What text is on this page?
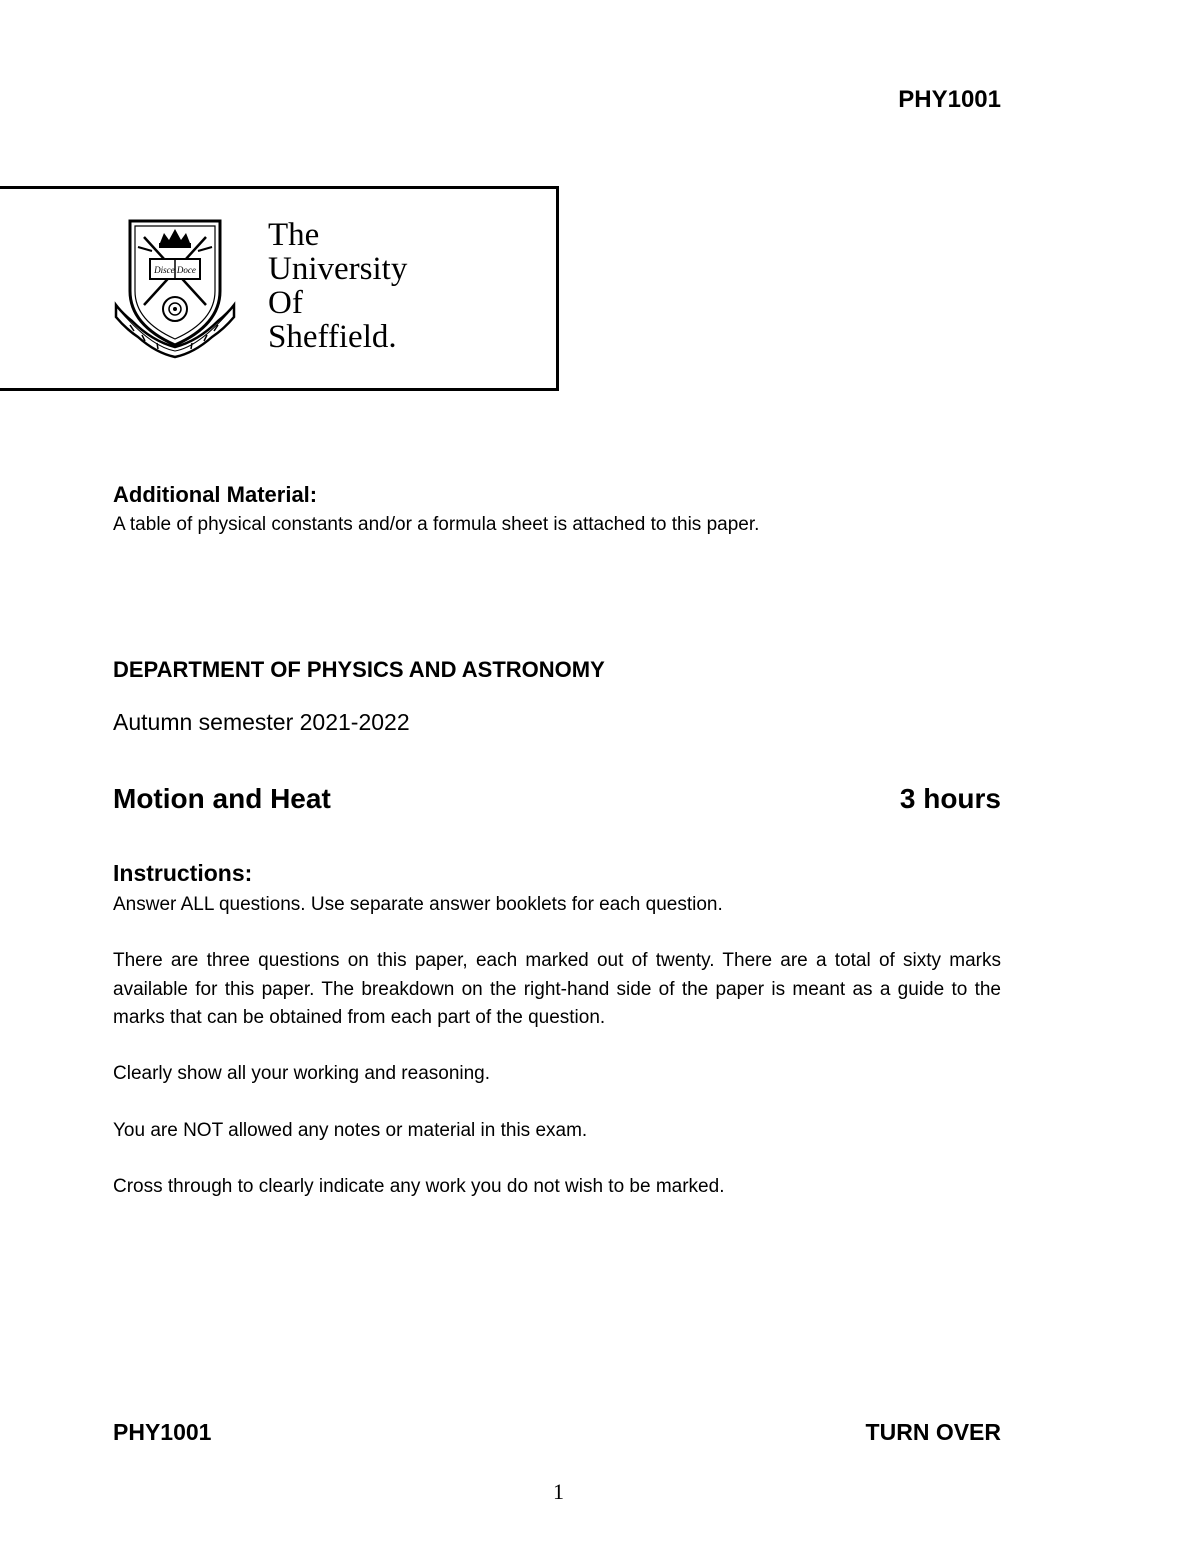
PHY1001
Disce Doce
The
University
Of
Sheffield.
Additional Material:
A table of physical constants and/or a formula sheet is attached to this paper.
DEPARTMENT OF PHYSICS AND ASTRONOMY
Autumn semester 2021-2022
Motion and Heat	3 hours
Instructions:
Answer ALL questions. Use separate answer booklets for each question.
There are three questions on this paper, each marked out of twenty. There are a total of sixty marks available for this paper. The breakdown on the right-hand side of the paper is meant as a guide to the marks that can be obtained from each part of the question.
Clearly show all your working and reasoning.
You are NOT allowed any notes or material in this exam.
Cross through to clearly indicate any work you do not wish to be marked.
PHY1001	TURN OVER
1
